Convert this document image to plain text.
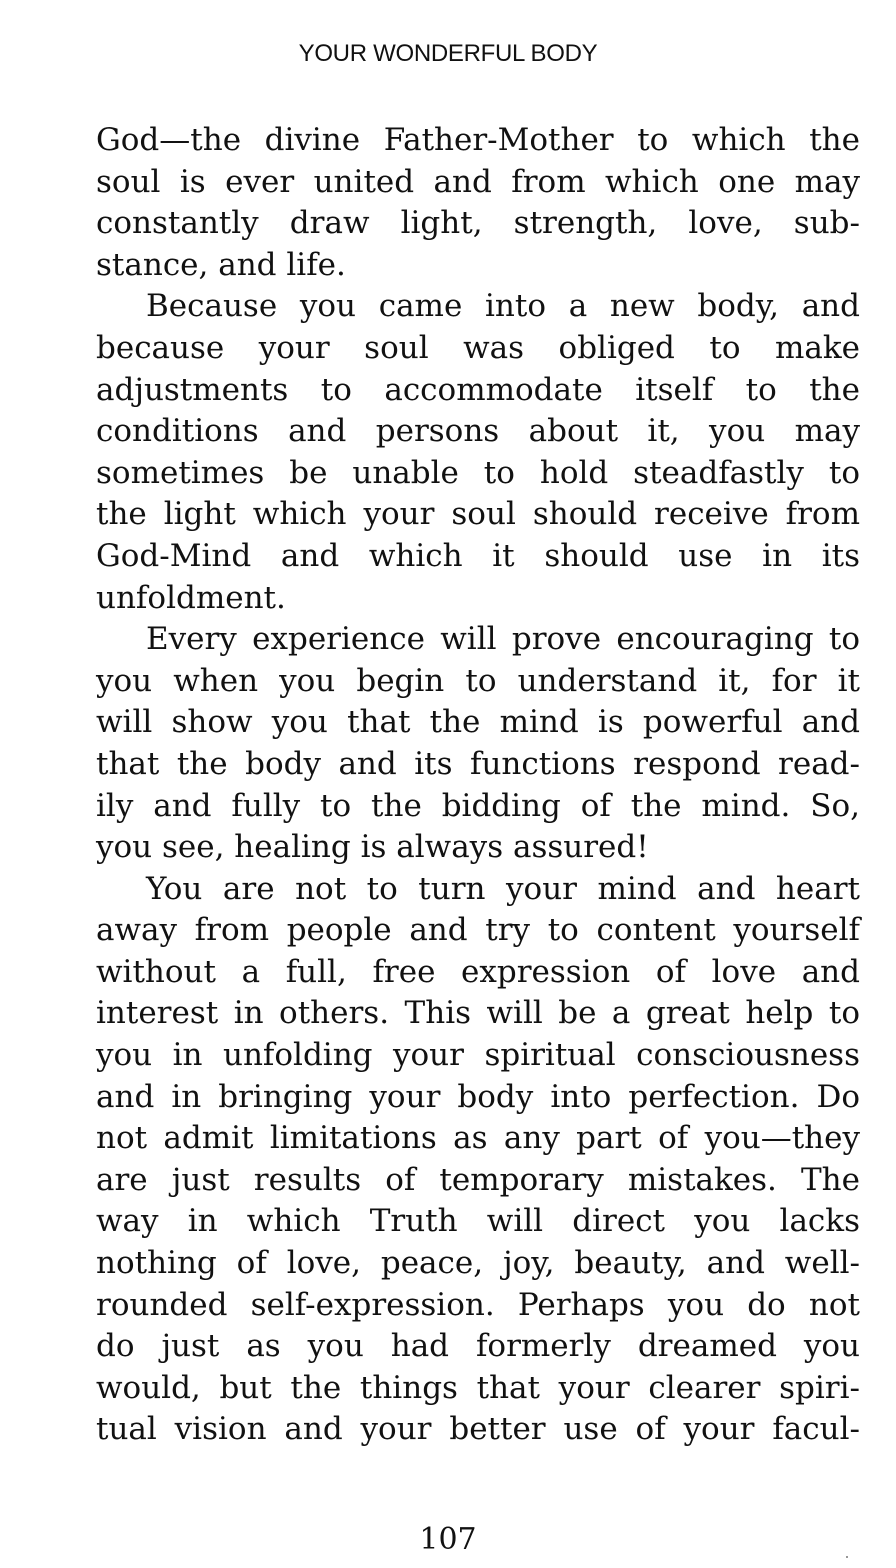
YOUR WONDERFUL BODY
God—the divine Father-Mother to which the
soul is ever united and from which one may
constantly draw light, strength, love, sub-
stance, and life.
Because you came into a new body, and
because your soul was obliged to make
adjustments to accommodate itself to the
conditions and persons about it, you may
sometimes be unable to hold steadfastly to
the light which your soul should receive from
God-Mind and which it should use in its
unfoldment.
Every experience will prove encouraging to
you when you begin to understand it, for it
will show you that the mind is powerful and
that the body and its functions respond read-
ily and fully to the bidding of the mind. So,
you see, healing is always assured!
You are not to turn your mind and heart
away from people and try to content yourself
without a full, free expression of love and
interest in others. This will be a great help to
you in unfolding your spiritual consciousness
and in bringing your body into perfection. Do
not admit limitations as any part of you—they
are just results of temporary mistakes. The
way in which Truth will direct you lacks
nothing of love, peace, joy, beauty, and well-
rounded self-expression. Perhaps you do not
do just as you had formerly dreamed you
would, but the things that your clearer spiri-
tual vision and your better use of your facul-
107
